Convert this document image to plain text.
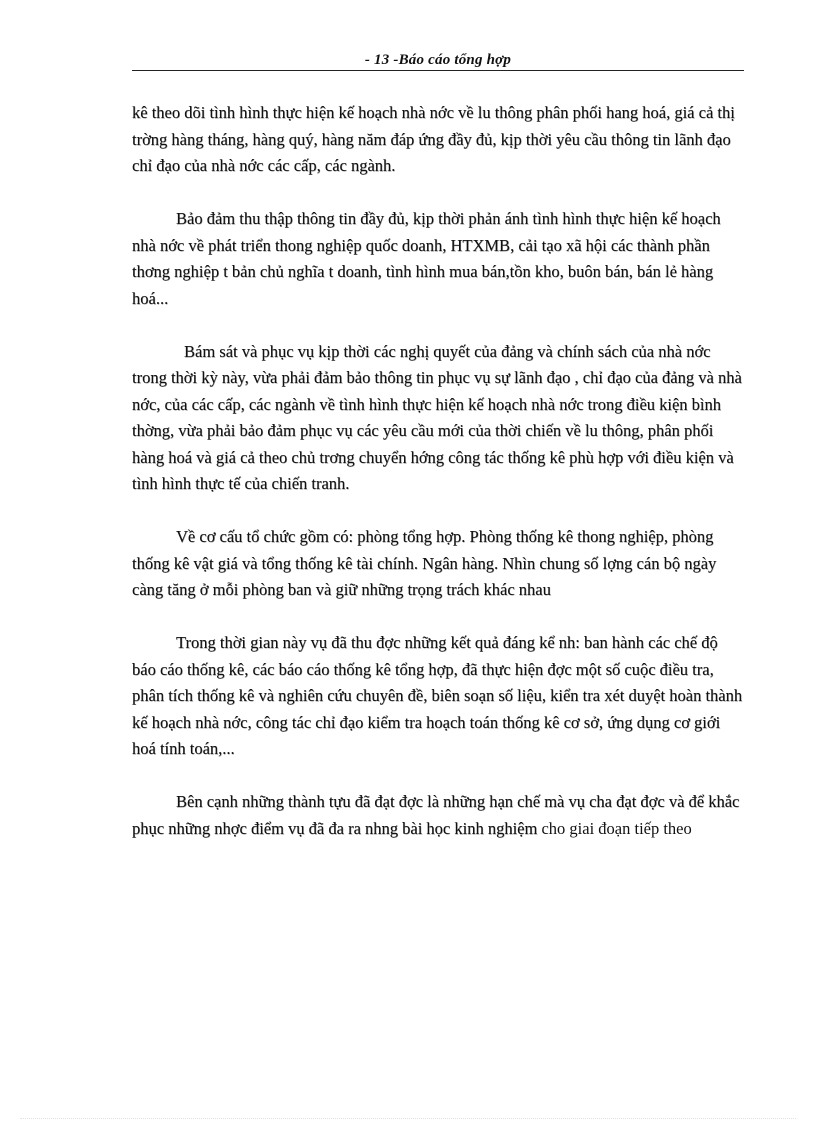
- 13 -Báo cáo tổng hợp

kê theo dõi tình hình thực hiện kế hoạch nhà nớc về lu thông phân phối hang hoá, giá cả thị trờng hàng tháng, hàng quý, hàng năm đáp ứng đầy đủ, kịp thời yêu cầu thông tin lãnh đạo chỉ đạo của nhà nớc các cấp, các ngành.

Bảo đảm thu thập thông tin đầy đủ, kịp thời phản ánh tình hình thực hiện kế hoạch nhà nớc về phát triển thong nghiệp quốc doanh, HTXMB, cải tạo xã hội các thành phần thơng nghiệp t bản chủ nghĩa t doanh, tình hình mua bán,tồn kho, buôn bán, bán lẻ hàng hoá...

Bám sát và phục vụ kịp thời các nghị quyết của đảng và chính sách của nhà nớc trong thời kỳ này, vừa phải đảm bảo thông tin phục vụ sự lãnh đạo , chỉ đạo của đảng và nhà nớc, của các cấp, các ngành về tình hình thực hiện kế hoạch nhà nớc trong điều kiện bình thờng, vừa phải bảo đảm phục vụ các yêu cầu mới của thời chiến về lu thông, phân phối hàng hoá và giá cả theo chủ trơng chuyển hớng công tác thống kê phù hợp với điều kiện và tình hình thực tế của chiến tranh.

Về cơ cấu tổ chức gồm có: phòng tổng hợp. Phòng thống kê thong nghiệp, phòng thống kê vật giá và tổng thống kê tài chính. Ngân hàng. Nhìn chung số lợng cán bộ ngày càng tăng ở mỗi phòng ban và giữ những trọng trách khác nhau

Trong thời gian này vụ đã thu đợc những kết quả đáng kể nh: ban hành các chế độ báo cáo thống kê, các báo cáo thống kê tổng hợp, đã thực hiện đợc một số cuộc điều tra, phân tích thống kê và nghiên cứu chuyên đề, biên soạn số liệu, kiển tra xét duyệt hoàn thành kế hoạch nhà nớc, công tác chỉ đạo kiểm tra hoạch toán thống kê cơ sở, ứng dụng cơ giới hoá tính toán,...

Bên cạnh những thành tựu đã đạt đợc là những hạn chế mà vụ cha đạt đợc và để khắc phục những nhợc điểm vụ đã đa ra nhng bài học kinh nghiệm cho giai đoạn tiếp theo
